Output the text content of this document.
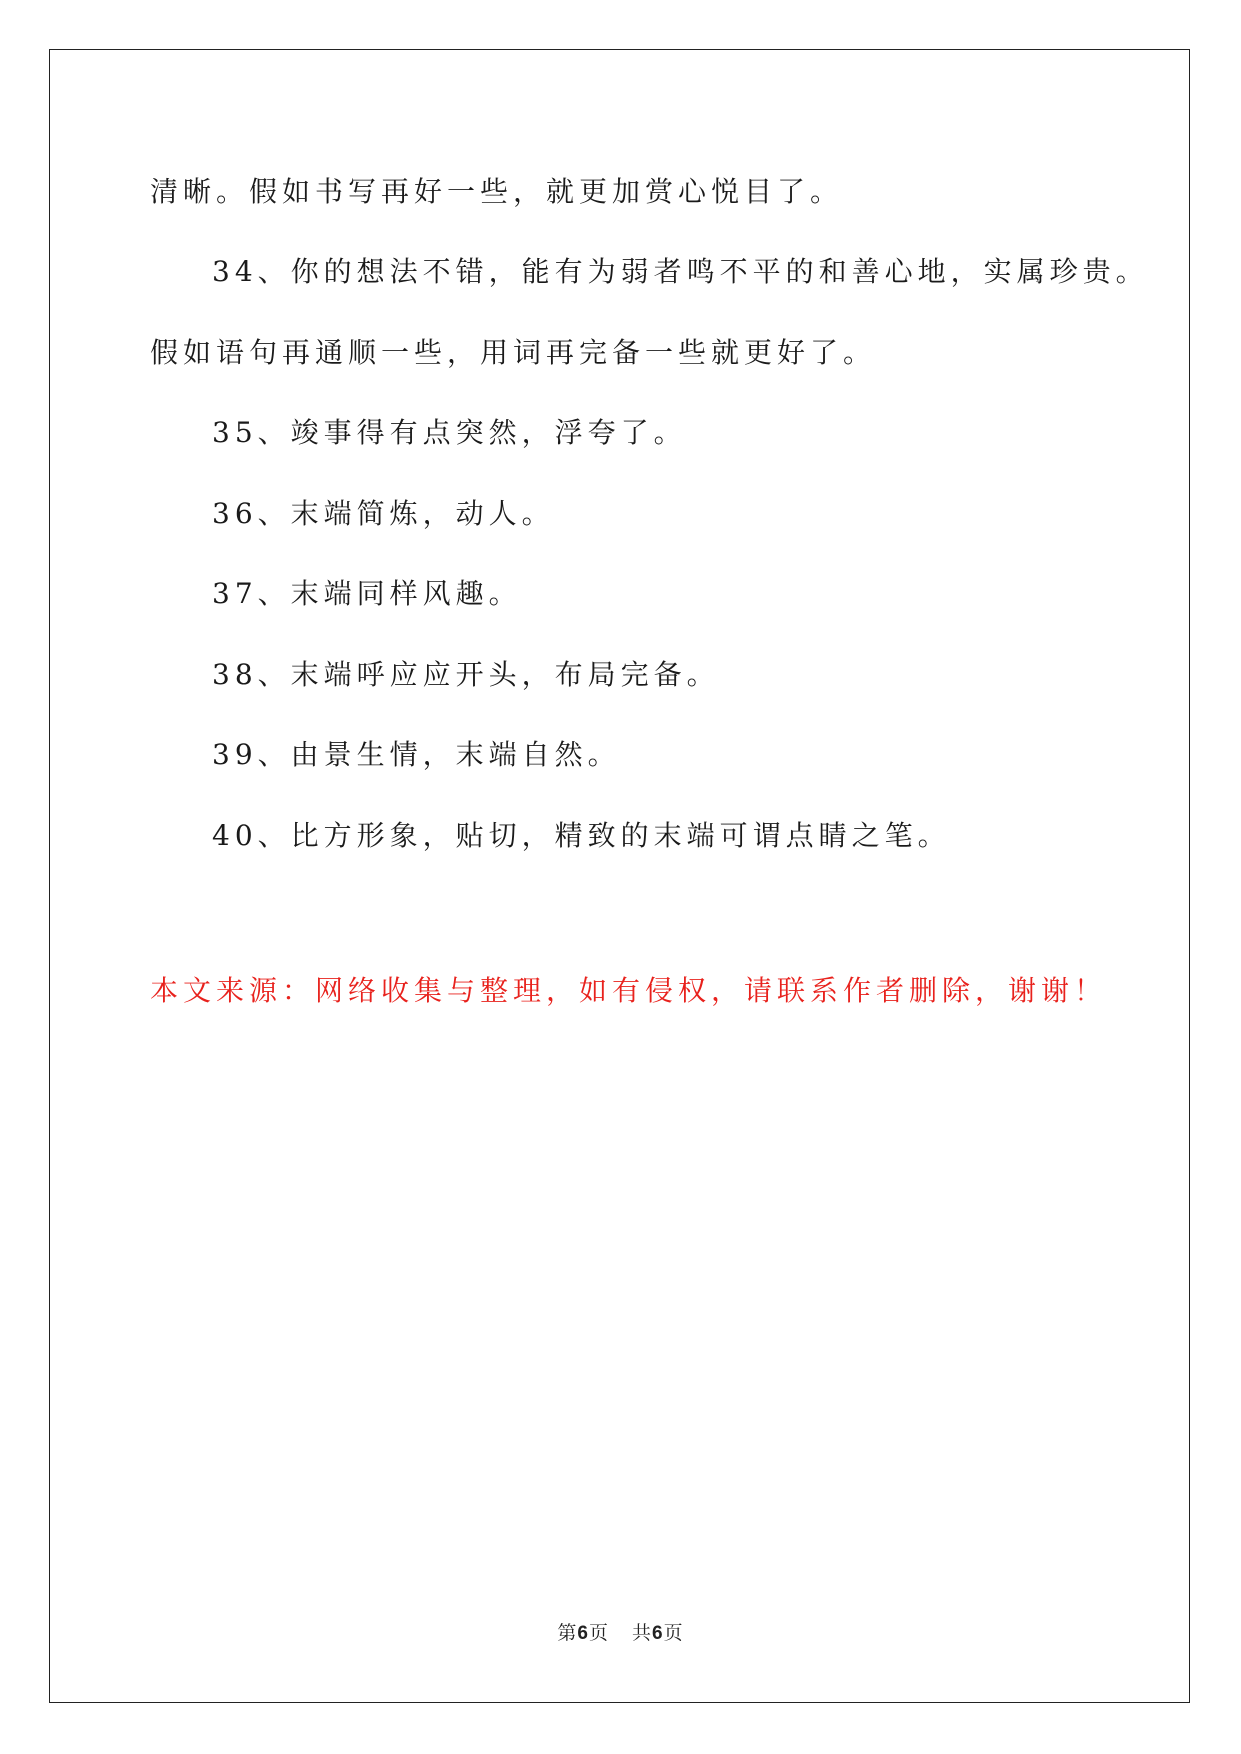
清晰。假如书写再好一些，就更加赏心悦目了。
34、你的想法不错，能有为弱者鸣不平的和善心地，实属珍贵。
假如语句再通顺一些，用词再完备一些就更好了。
35、竣事得有点突然，浮夸了。
36、末端简炼，动人。
37、末端同样风趣。
38、末端呼应应开头，布局完备。
39、由景生情，末端自然。
40、比方形象，贴切，精致的末端可谓点睛之笔。
本文来源：网络收集与整理，如有侵权，请联系作者删除，谢谢！
第6页 共6页
